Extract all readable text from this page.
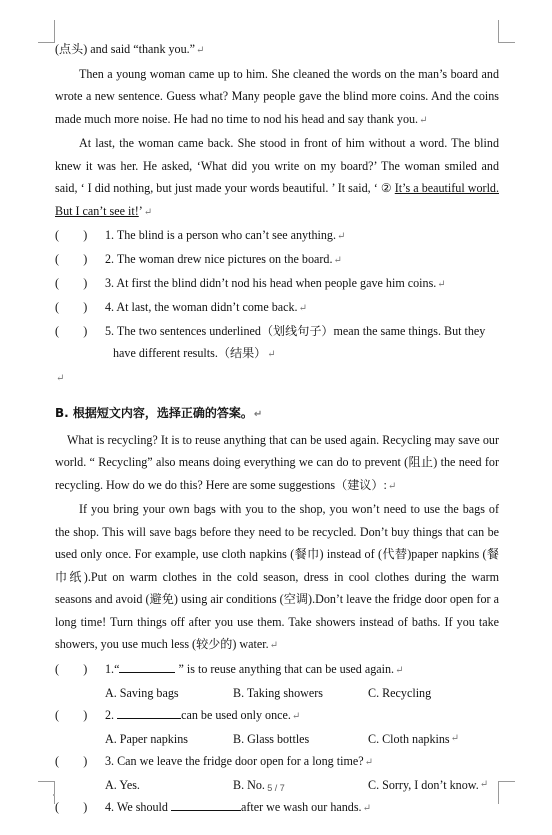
(点头) and said “thank you.”↵

Then a young woman came up to him. She cleaned the words on the man’s board and wrote a new sentence. Guess what? Many people gave the blind more coins. And the coins made much more noise. He had no time to nod his head and say thank you.↵

At last, the woman came back. She stood in front of him without a word. The blind knew it was her. He asked, ‘What did you write on my board?’ The woman smiled and said, ‘ I did nothing, but just made your words beautiful. ’ It said, ‘ ② It’s a beautiful world. But I can’t see it!’↵

(        )	1. The blind is a person who can’t see anything. ↵
(        )	2. The woman drew nice pictures on the board. ↵
(        )	3. At first the blind didn’t nod his head when people gave him coins. ↵
(        )	4. At last, the woman didn’t come back. ↵
(        )	5. The two sentences underlined（划线句子）mean the same things. But they
have different results.（结果）↵

↵

B. 根据短文内容，选择正确的答案。↵

What is recycling? It is to reuse anything that can be used again. Recycling may save our world. “ Recycling” also means doing everything we can do to prevent (阻止) the need for recycling. How do we do this? Here are some suggestions（建议）:↵

If you bring your own bags with you to the shop, you won’t need to use the bags of the shop. This will save bags before they need to be recycled. Don’t buy things that can be used only once. For example, use cloth napkins (餐巾) instead of (代替)paper napkins (餐巾纸).Put on warm clothes in the cold season, dress in cool clothes during the warm seasons and avoid (避免) using air conditions (空调).Don’t leave the fridge door open for a long time! Turn things off after you use them. Take showers instead of baths. If you take showers, you use much less (较少的) water.↵

(        )	1.“	” is to reuse anything that can be used again.↵
A. Saving bags	B. Taking showers	C. Recycling
(        )	2.	can be used only once.↵
A. Paper napkins	B. Glass bottles	C. Cloth napkins ↵
(        )	3. Can we leave the fridge door open for a long time?↵
A. Yes.	B. No.	C. Sorry, I don’t know. ↵
(        )	4. We should	after we wash our hands.↵
5 / 7
